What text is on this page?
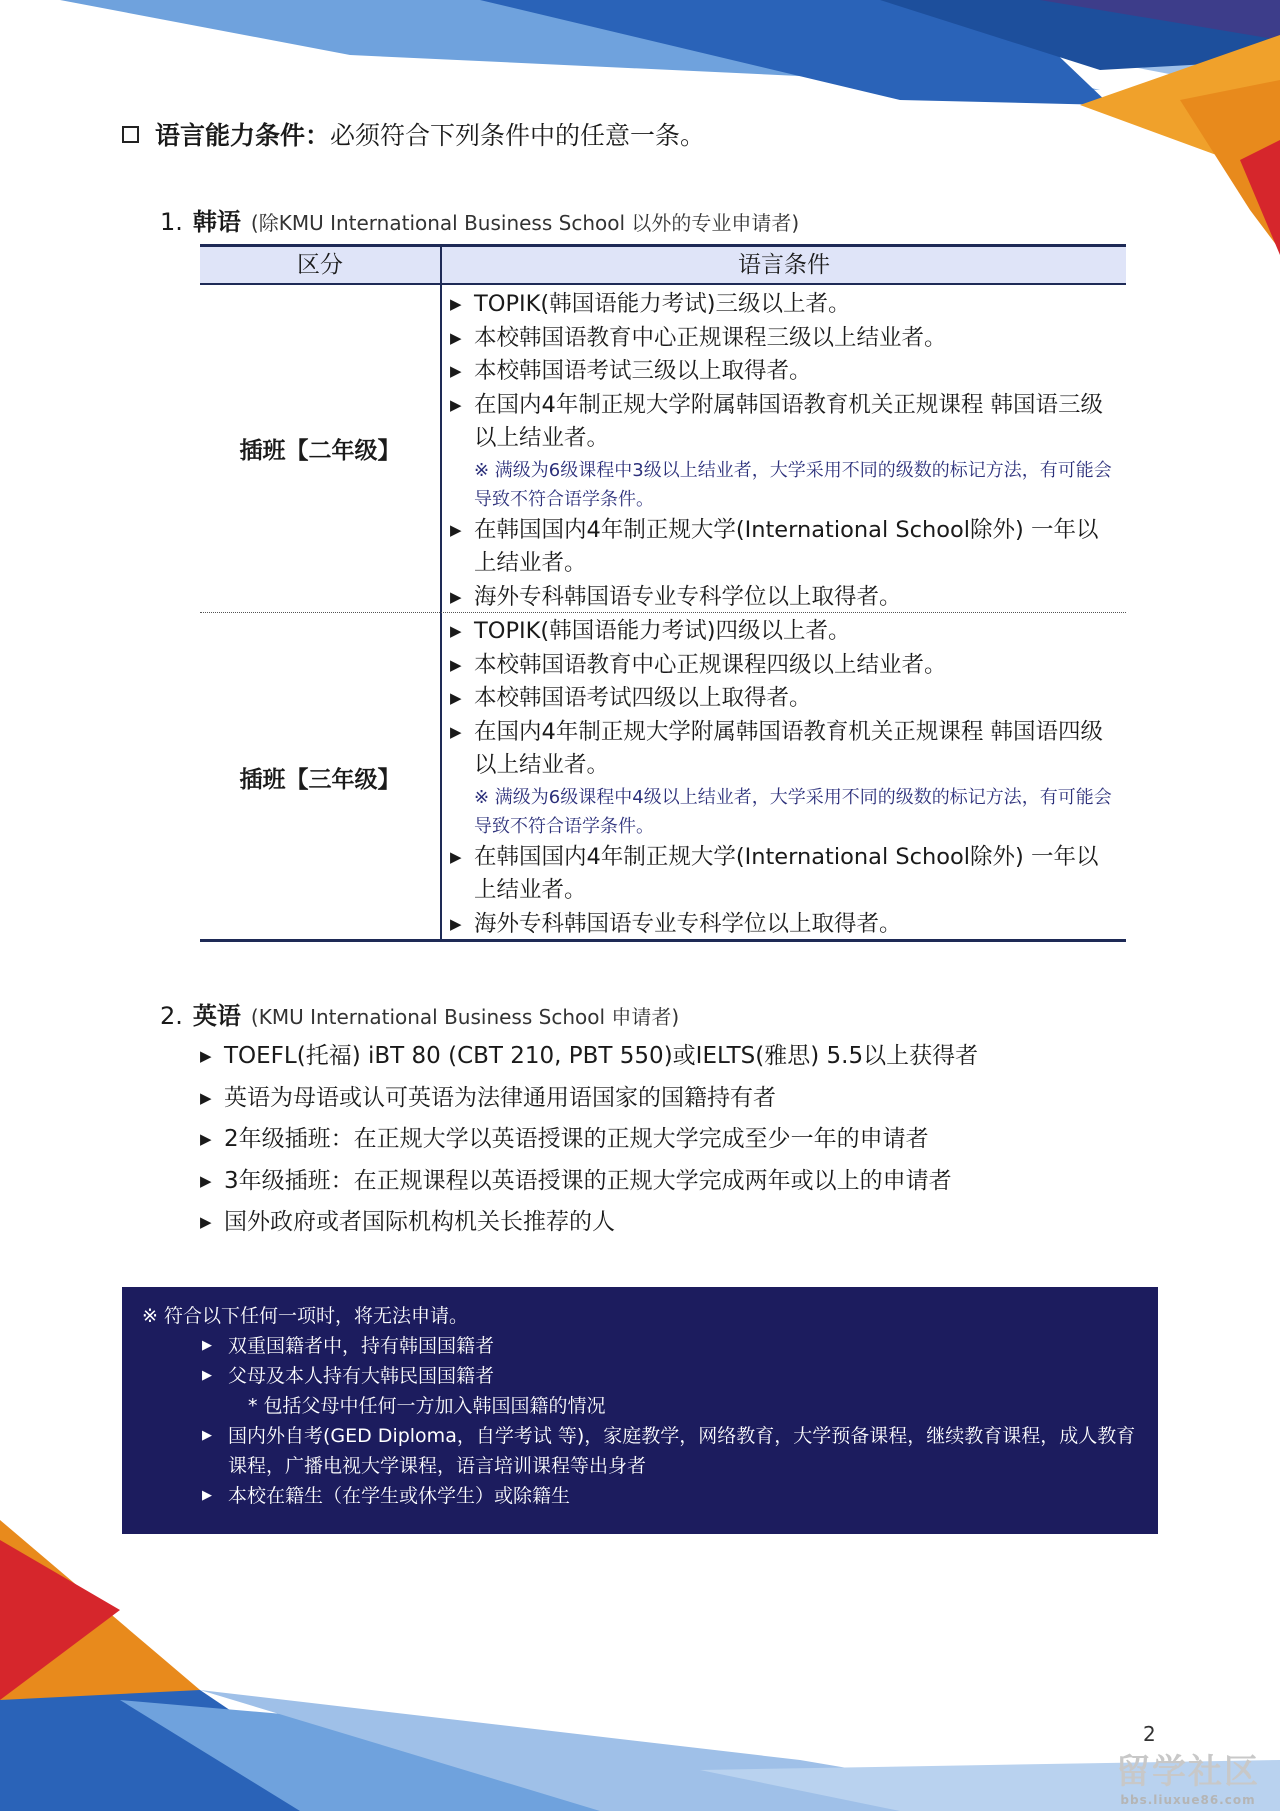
语言能力条件： 必须符合下列条件中的任意一条。
1. 韩语 (除KMU International Business School 以外的专业申请者)
区分	语言条件
插班【二年级】
▶ TOPIK(韩国语能力考试)三级以上者。
▶ 本校韩国语教育中心正规课程三级以上结业者。
▶ 本校韩国语考试三级以上取得者。
▶ 在国内4年制正规大学附属韩国语教育机关正规课程 韩国语三级以上结业者。
※ 满级为6级课程中3级以上结业者，大学采用不同的级数的标记方法，有可能会导致不符合语学条件。
▶ 在韩国国内4年制正规大学(International School除外) 一年以上结业者。
▶ 海外专科韩国语专业专科学位以上取得者。
插班【三年级】
▶ TOPIK(韩国语能力考试)四级以上者。
▶ 本校韩国语教育中心正规课程四级以上结业者。
▶ 本校韩国语考试四级以上取得者。
▶ 在国内4年制正规大学附属韩国语教育机关正规课程 韩国语四级以上结业者。
※ 满级为6级课程中4级以上结业者，大学采用不同的级数的标记方法，有可能会导致不符合语学条件。
▶ 在韩国国内4年制正规大学(International School除外) 一年以上结业者。
▶ 海外专科韩国语专业专科学位以上取得者。
2. 英语 (KMU International Business School 申请者)
▶ TOEFL(托福) iBT 80 (CBT 210, PBT 550)或IELTS(雅思) 5.5以上获得者
▶ 英语为母语或认可英语为法律通用语国家的国籍持有者
▶ 2年级插班：在正规大学以英语授课的正规大学完成至少一年的申请者
▶ 3年级插班：在正规课程以英语授课的正规大学完成两年或以上的申请者
▶ 国外政府或者国际机构机关长推荐的人
※ 符合以下任何一项时，将无法申请。
▶ 双重国籍者中，持有韩国国籍者
▶ 父母及本人持有大韩民国国籍者
* 包括父母中任何一方加入韩国国籍的情况
▶ 国内外自考(GED Diploma，自学考试 等)，家庭教学，网络教育，大学预备课程，继续教育课程，成人教育课程，广播电视大学课程，语言培训课程等出身者
▶ 本校在籍生（在学生或休学生）或除籍生
2
留学社区
bbs.liuxue86.com
